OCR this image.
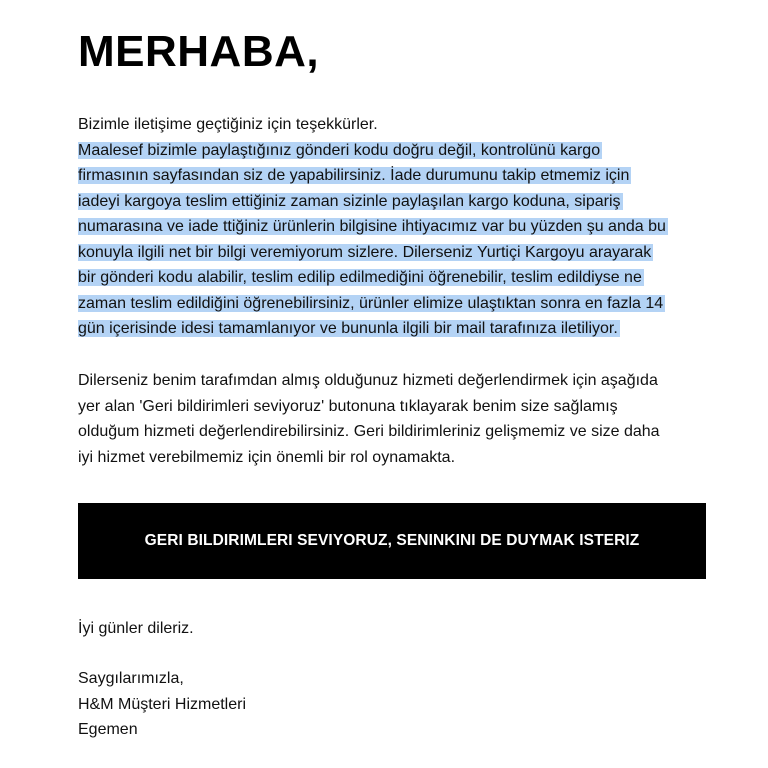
MERHABA,

Bizimle iletişime geçtiğiniz için teşekkürler.
Maalesef bizimle paylaştığınız gönderi kodu doğru değil, kontrolünü kargo
firmasının sayfasından siz de yapabilirsiniz. İade durumunu takip etmemiz için
iadeyi kargoya teslim ettiğiniz zaman sizinle paylaşılan kargo koduna, sipariş
numarasına ve iade ttiğiniz ürünlerin bilgisine ihtiyacımız var bu yüzden şu anda bu
konuyla ilgili net bir bilgi veremiyorum sizlere. Dilerseniz Yurtiçi Kargoyu arayarak
bir gönderi kodu alabilir, teslim edilip edilmediğini öğrenebilir, teslim edildiyse ne
zaman teslim edildiğini öğrenebilirsiniz, ürünler elimize ulaştıktan sonra en fazla 14
gün içerisinde idesi tamamlanıyor ve bununla ilgili bir mail tarafınıza iletiliyor.

Dilerseniz benim tarafımdan almış olduğunuz hizmeti değerlendirmek için aşağıda
yer alan 'Geri bildirimleri seviyoruz' butonuna tıklayarak benim size sağlamış
olduğum hizmeti değerlendirebilirsiniz. Geri bildirimleriniz gelişmemiz ve size daha
iyi hizmet verebilmemiz için önemli bir rol oynamakta.

GERI BILDIRIMLERI SEVIYORUZ, SENINKINI DE DUYMAK ISTERIZ

İyi günler dileriz.

Saygılarımızla,
H&M Müşteri Hizmetleri
Egemen
